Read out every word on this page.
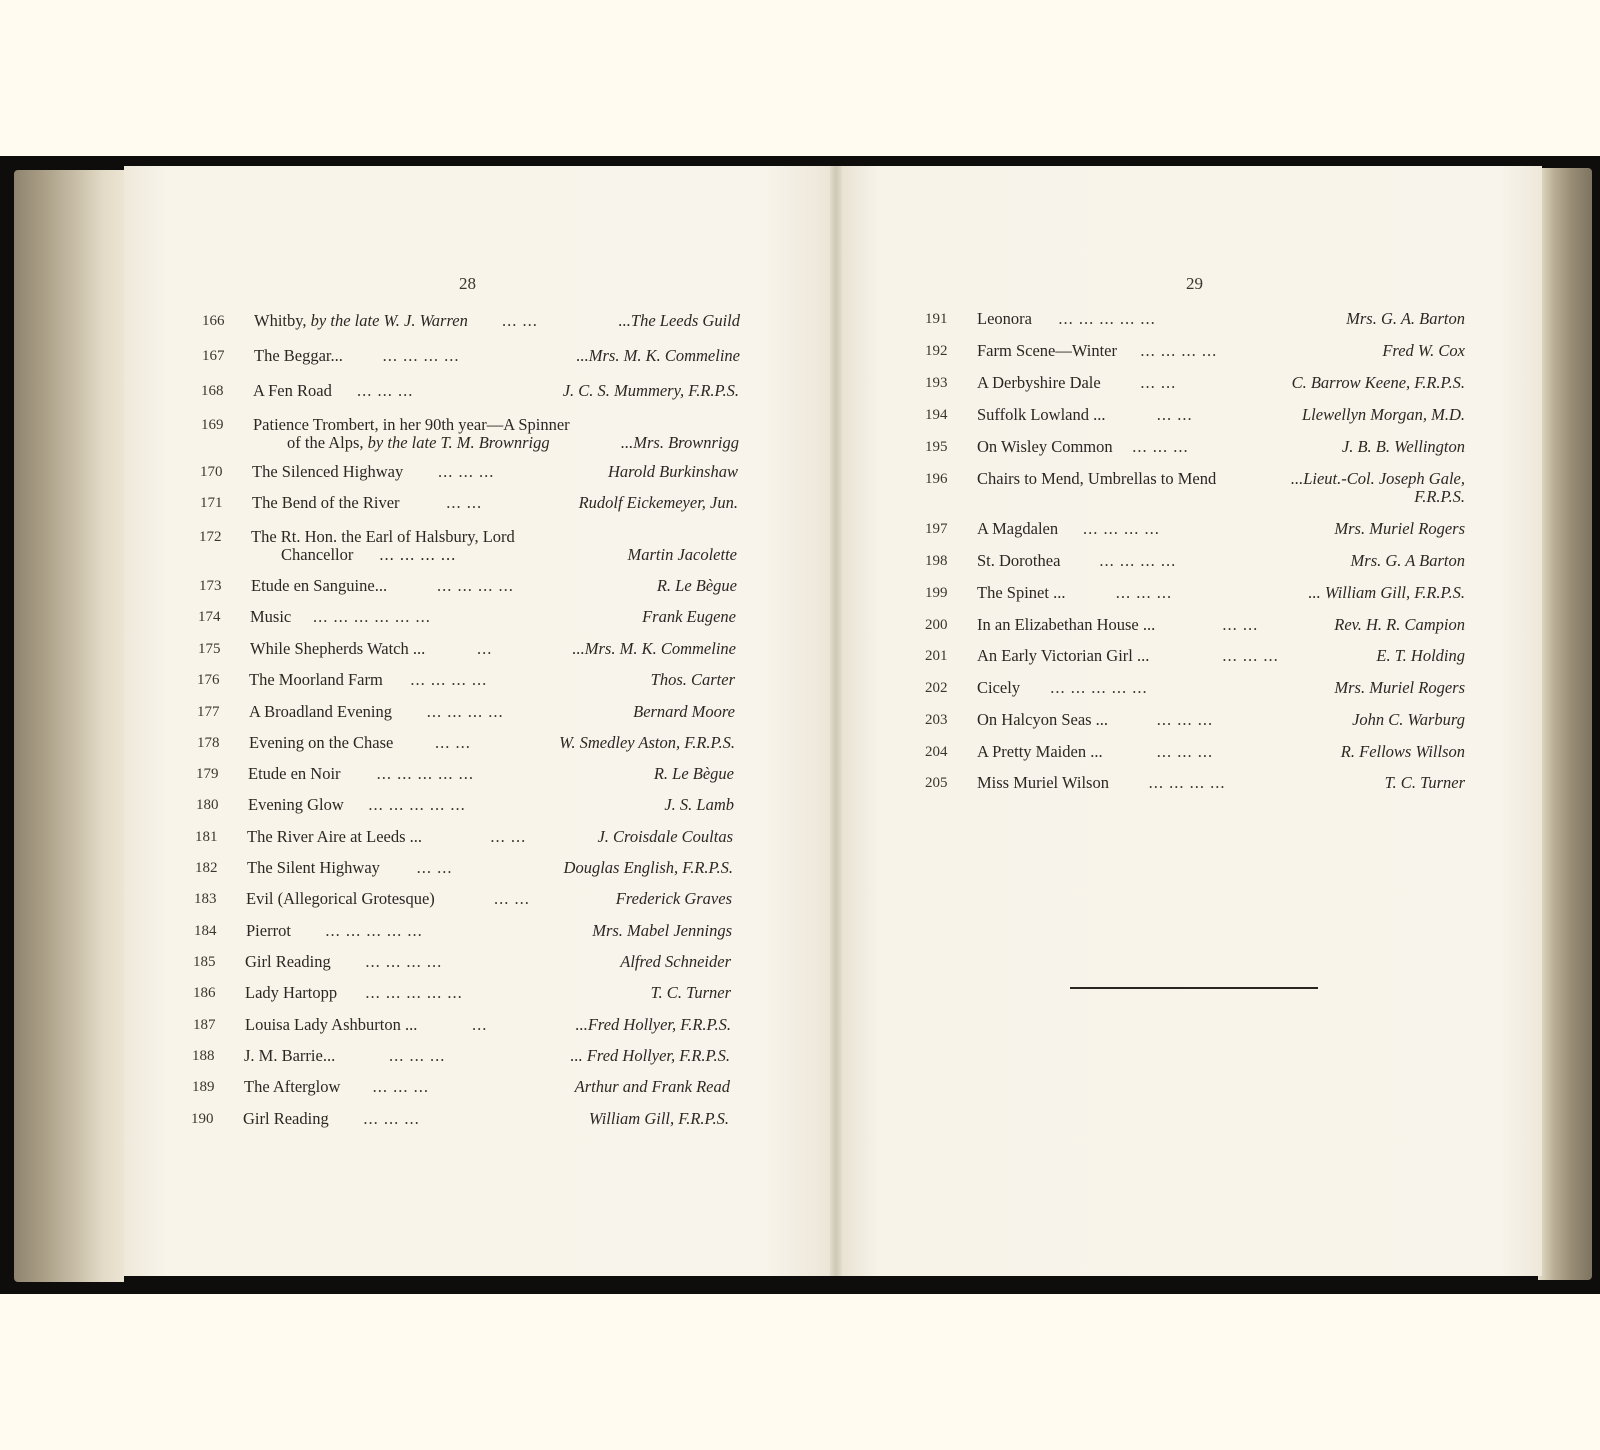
28	29
166	Whitby, by the late W. J. Warren ... ...	...The Leeds Guild
167	The Beggar... ... ... ... ...	...Mrs. M. K. Commeline
168	A Fen Road ... ... ...	J. C. S. Mummery, F.R.P.S.
169	Patience Trombert, in her 90th year—A Spinner
of the Alps, by the late T. M. Brownrigg	...Mrs. Brownrigg
170	The Silenced Highway ... ... ...	Harold Burkinshaw
171	The Bend of the River	... ...	Rudolf Eickemeyer, Jun.
172	The Rt. Hon. the Earl of Halsbury, Lord
Chancellor ... ... ... ...	Martin Jacolette
173	Etude en Sanguine...	... ... ... ...	R. Le Bègue
174	Music ... ... ... ... ... ...	Frank Eugene
175	While Shepherds Watch ...	...	...Mrs. M. K. Commeline
176	The Moorland Farm ... ... ... ...	Thos. Carter
177	A Broadland Evening ... ... ... ...	Bernard Moore
178	Evening on the Chase	... ...	W. Smedley Aston, F.R.P.S.
179	Etude en Noir ... ... ... ... ...	R. Le Bègue
180	Evening Glow ... ... ... ... ...	J. S. Lamb
181	The River Aire at Leeds ...	... ...	J. Croisdale Coultas
182	The Silent Highway ... ...	Douglas English, F.R.P.S.
183	Evil (Allegorical Grotesque)	... ...	Frederick Graves
184	Pierrot ... ... ... ... ...	Mrs. Mabel Jennings
185	Girl Reading ... ... ... ...	Alfred Schneider
186	Lady Hartopp ... ... ... ... ...	T. C. Turner
187	Louisa Lady Ashburton ...	...	...Fred Hollyer, F.R.P.S.
188	J. M. Barrie...	... ... ...	... Fred Hollyer, F.R.P.S.
189	The Afterglow ... ... ...	Arthur and Frank Read
190	Girl Reading ... ... ...	William Gill, F.R.P.S.
191	Leonora ... ... ... ... ...	Mrs. G. A. Barton
192	Farm Scene—Winter ... ... ... ...	Fred W. Cox
193	A Derbyshire Dale ... ...	C. Barrow Keene, F.R.P.S.
194	Suffolk Lowland ...	... ...	Llewellyn Morgan, M.D.
195	On Wisley Common ... ... ...	J. B. B. Wellington
196	Chairs to Mend, Umbrellas to Mend	...Lieut.-Col. Joseph Gale,
F.R.P.S.
197	A Magdalen ... ... ... ...	Mrs. Muriel Rogers
198	St. Dorothea ... ... ... ...	Mrs. G. A Barton
199	The Spinet ...	... ... ...	... William Gill, F.R.P.S.
200	In an Elizabethan House ...	... ...	Rev. H. R. Campion
201	An Early Victorian Girl ...	... ... ...	E. T. Holding
202	Cicely ... ... ... ... ...	Mrs. Muriel Rogers
203	On Halcyon Seas ...	... ... ...	John C. Warburg
204	A Pretty Maiden ...	... ... ...	R. Fellows Willson
205	Miss Muriel Wilson ... ... ... ...	T. C. Turner
